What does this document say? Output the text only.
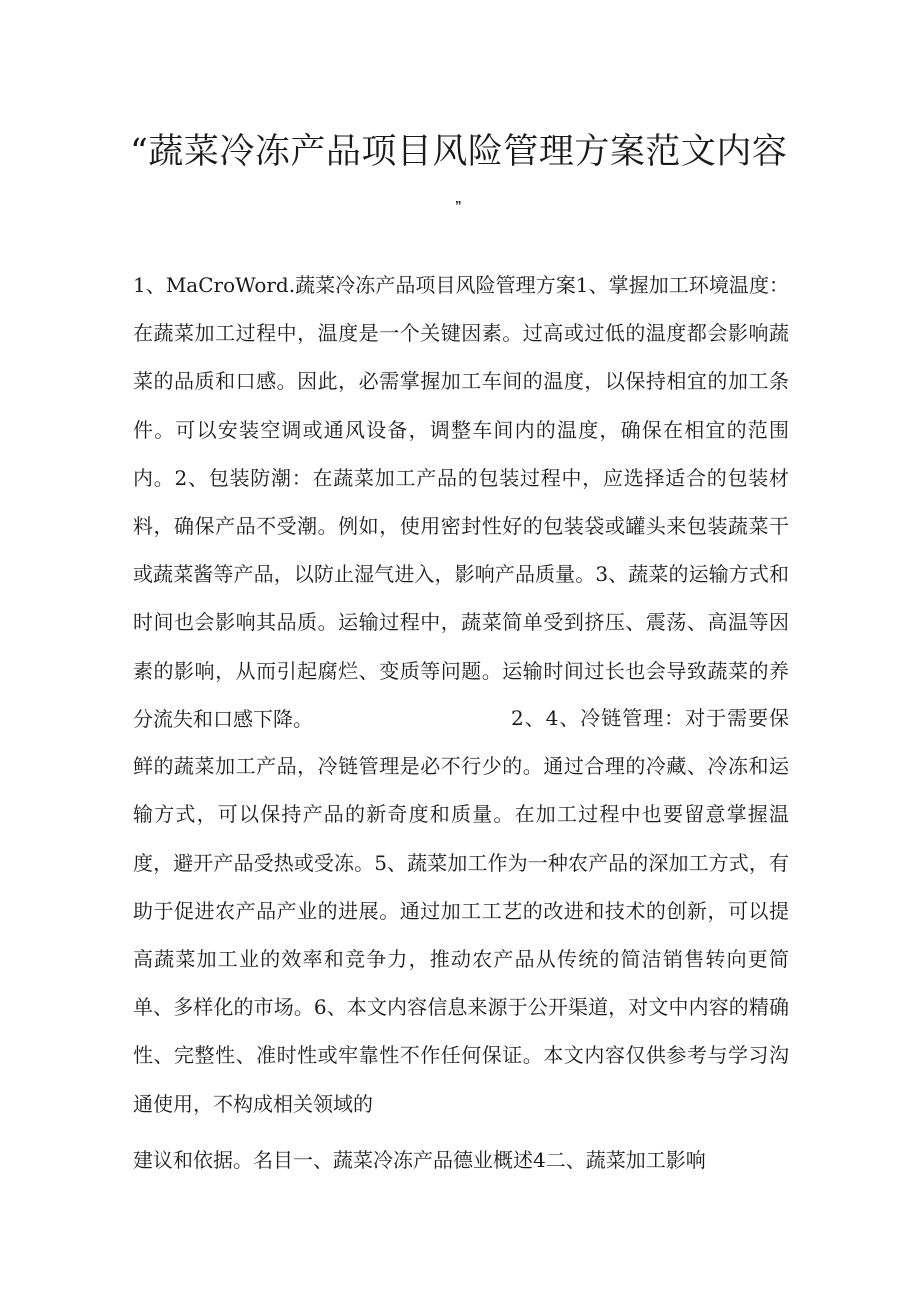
“蔬菜冷冻产品项目风险管理方案范文内容
”
1、MaCroWord.蔬菜冷冻产品项目风险管理方案1、掌握加工环境温度：在蔬菜加工过程中，温度是一个关键因素。过高或过低的温度都会影响蔬菜的品质和口感。因此，必需掌握加工车间的温度，以保持相宜的加工条件。可以安装空调或通风设备，调整车间内的温度，确保在相宜的范围内。2、包装防潮：在蔬菜加工产品的包装过程中，应选择适合的包装材料，确保产品不受潮。例如，使用密封性好的包装袋或罐头来包装蔬菜干或蔬菜酱等产品，以防止湿气进入，影响产品质量。3、蔬菜的运输方式和时间也会影响其品质。运输过程中，蔬菜简单受到挤压、震荡、高温等因素的影响，从而引起腐烂、变质等问题。运输时间过长也会导致蔬菜的养分流失和口感下降。	2、4、冷链管理：对于需要保鲜的蔬菜加工产品，冷链管理是必不行少的。通过合理的冷藏、冷冻和运输方式，可以保持产品的新奇度和质量。在加工过程中也要留意掌握温度，避开产品受热或受冻。5、蔬菜加工作为一种农产品的深加工方式，有助于促进农产品产业的进展。通过加工工艺的改进和技术的创新，可以提高蔬菜加工业的效率和竞争力，推动农产品从传统的简洁销售转向更简单、多样化的市场。6、本文内容信息来源于公开渠道，对文中内容的精确性、完整性、准时性或牢靠性不作任何保证。本文内容仅供参考与学习沟通使用，不构成相关领域的
建议和依据。名目一、蔬菜冷冻产品德业概述4二、蔬菜加工影响
